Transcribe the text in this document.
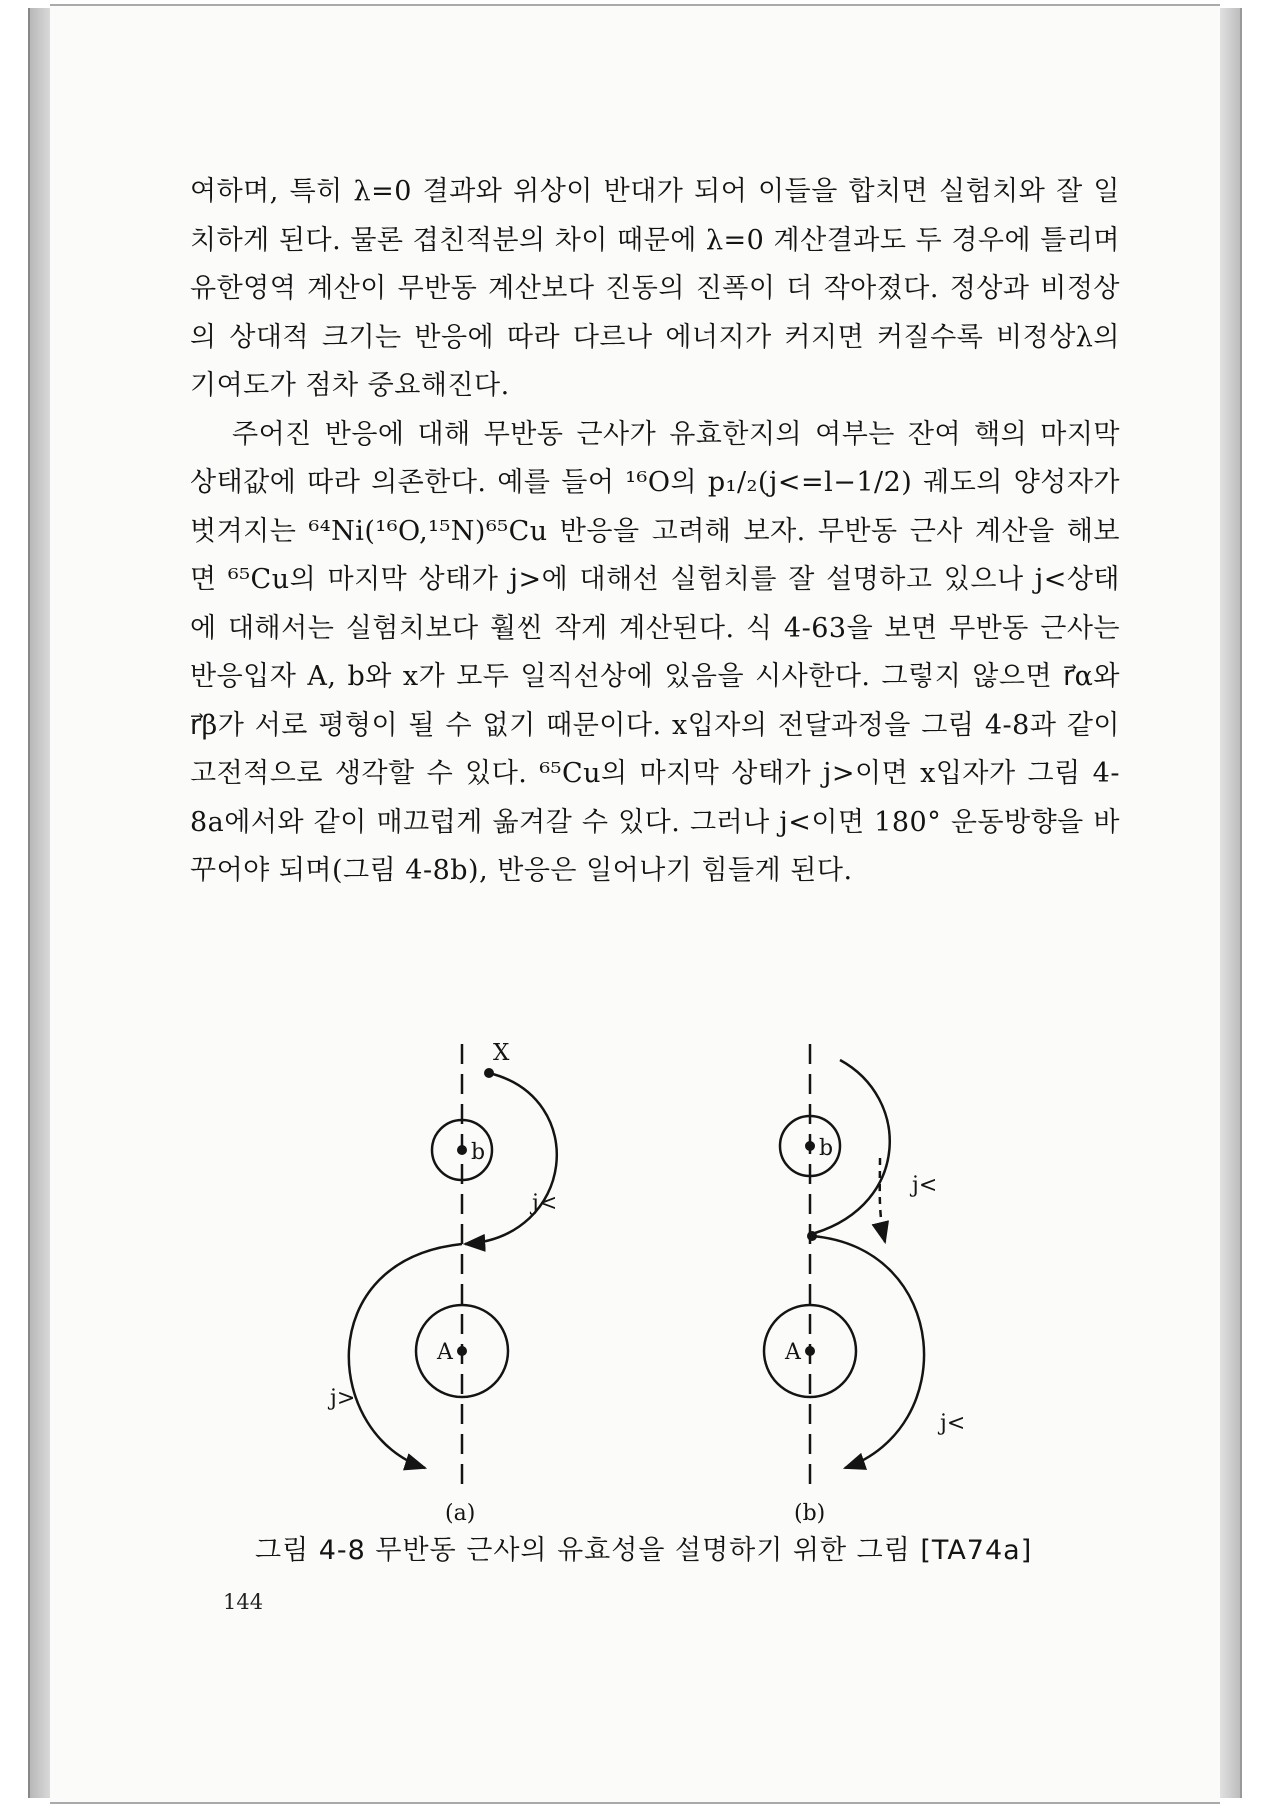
여하며, 특히 λ=0 결과와 위상이 반대가 되어 이들을 합치면 실험치와 잘 일치하게 된다. 물론 겹친적분의 차이 때문에 λ=0 계산결과도 두 경우에 틀리며 유한영역 계산이 무반동 계산보다 진동의 진폭이 더 작아졌다. 정상과 비정상의 상대적 크기는 반응에 따라 다르나 에너지가 커지면 커질수록 비정상λ의 기여도가 점차 중요해진다.

주어진 반응에 대해 무반동 근사가 유효한지의 여부는 잔여 핵의 마지막 상태값에 따라 의존한다. 예를 들어 ¹⁶O의 p₁/₂(j<=l−1/2) 궤도의 양성자가 벗겨지는 ⁶⁴Ni(¹⁶O,¹⁵N)⁶⁵Cu 반응을 고려해 보자. 무반동 근사 계산을 해보면 ⁶⁵Cu의 마지막 상태가 j>에 대해선 실험치를 잘 설명하고 있으나 j<상태에 대해서는 실험치보다 훨씬 작게 계산된다. 식 4-63을 보면 무반동 근사는 반응입자 A, b와 x가 모두 일직선상에 있음을 시사한다. 그렇지 않으면 r⃗α와 r⃗β가 서로 평형이 될 수 없기 때문이다. x입자의 전달과정을 그림 4-8과 같이 고전적으로 생각할 수 있다. ⁶⁵Cu의 마지막 상태가 j>이면 x입자가 그림 4-8a에서와 같이 매끄럽게 옮겨갈 수 있다. 그러나 j<이면 180° 운동방향을 바꾸어야 되며(그림 4-8b), 반응은 일어나기 힘들게 된다.

b
A
X
j<
j>
(a)
b
A
j<
j<
(b)
그림 4-8 무반동 근사의 유효성을 설명하기 위한 그림 [TA74a]
144
